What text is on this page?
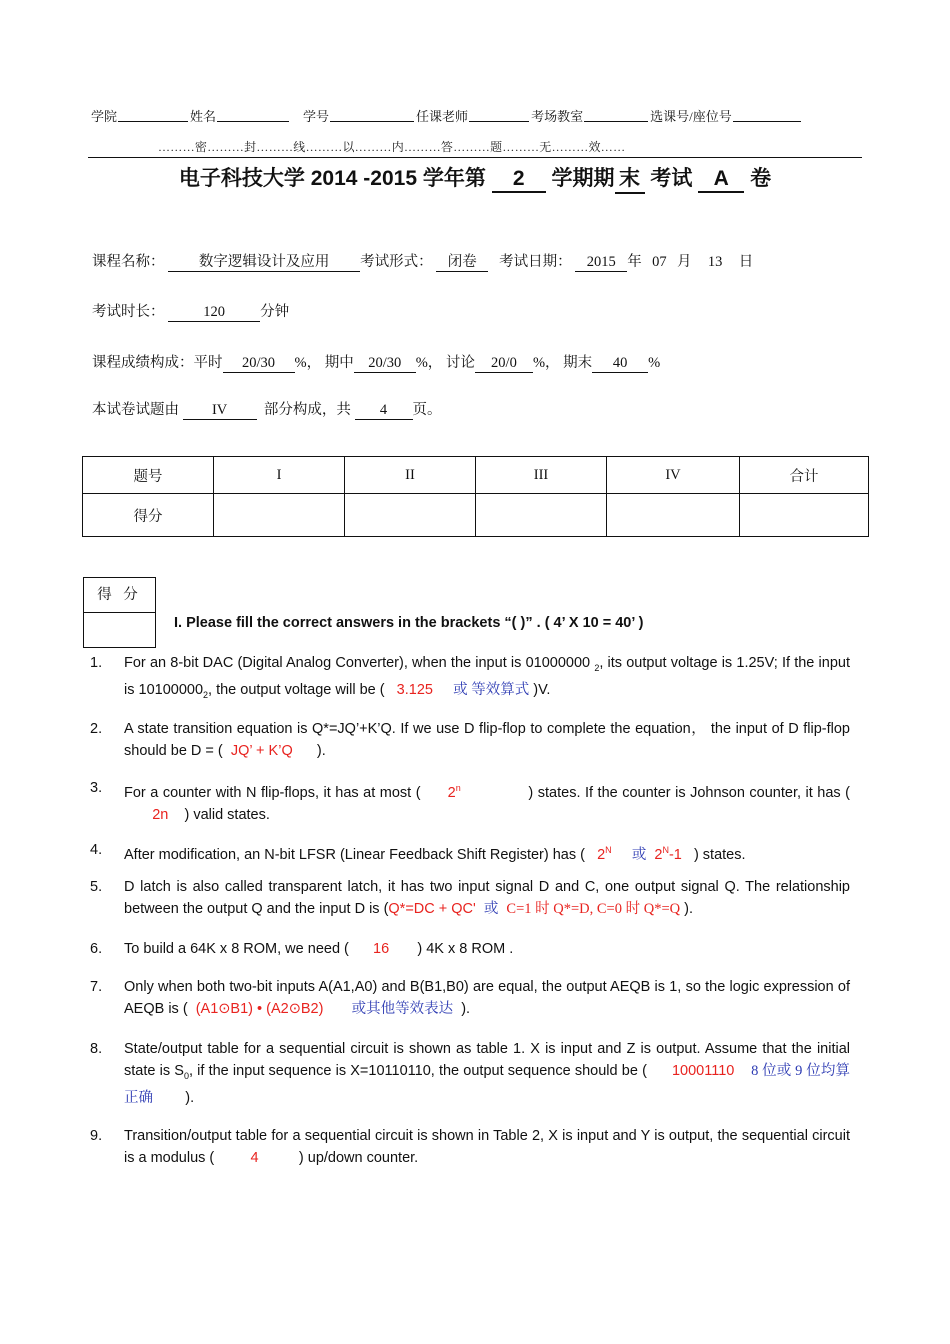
学院	姓名	学号	任课老师	考场教室	选课号/座位号
………密………封………线………以………内………答………题………无………效……
电子科技大学 2014 -2015 学年第 2 学期期 末 考试 A 卷
课程名称： 数字逻辑设计及应用 考试形式： 闭卷 考试日期： 2015 年 07 月 13 日
考试时长：	120 分钟
课程成绩构成：平时 20/30 %， 期中 20/30 %， 讨论 20/0 %， 期末 40 %
本试卷试题由 IV	部分构成，共 4 页。
题号	I	II	III	IV	合计
得分					
得 分
I. Please fill the correct answers in the brackets “( )” . ( 4’ X 10 = 40’ )
1. For an 8-bit DAC (Digital Analog Converter), when the input is 01000000 $_2$, its output voltage is 1.25V; If the input is $10100000_2$, the output voltage will be ( 3.125 或 等效算式 )V.
2. A state transition equation is Q*=JQ’+K’Q. If we use D flip-flop to complete the equation， the input of D flip-flop should be D = ( JQ’ + K’Q ).
3. For a counter with N flip-flops, it has at most ( 2$^n$	) states. If the counter is Johnson counter, it has (        2n ) valid states.
4. After modification, an N-bit LFSR (Linear Feedback Shift Register) has ( $2^N$ 或 $2^N-1$ ) states.
5. D latch is also called transparent latch, it has two input signal D and C, one output signal Q. The relationship between the output Q and the input D is (Q*=DC + QC' 或 C=1 时 Q*=D, C=0 时 Q*=Q ).
6. To build a 64K x 8 ROM, we need ( 16 ) 4K x 8 ROM .
7. Only when both two-bit inputs A(A1,A0) and B(B1,B0) are equal, the output AEQB is 1, so the logic expression of AEQB is ( (A1⊙B1) • (A2⊙B2) 或其他等效表达 ).
8. State/output table for a sequential circuit is shown as table 1. X is input and Z is output. Assume that the initial state is $S_0$, if the input sequence is X=10110110, the output sequence should be ( 10001110 8 位或 9 位均算正确 ).
9. Transition/output table for a sequential circuit is shown in Table 2, X is input and Y is output, the sequential circuit is a modulus (	4	) up/down counter.
